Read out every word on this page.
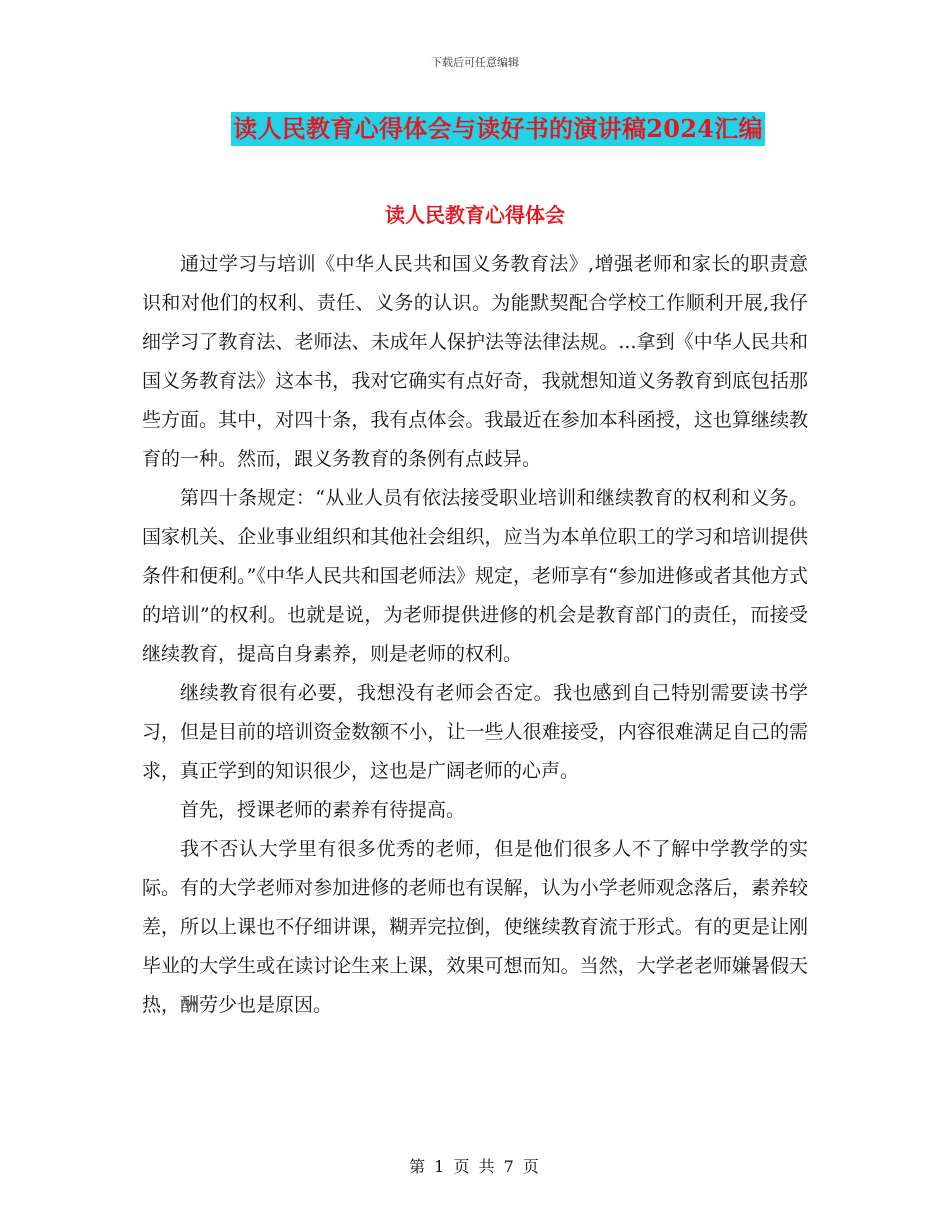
下载后可任意编辑
读人民教育心得体会与读好书的演讲稿2024汇编
读人民教育心得体会

通过学习与培训《中华人民共和国义务教育法》,增强老师和家长的职责意识和对他们的权利、责任、义务的认识。为能默契配合学校工作顺利开展,我仔细学习了教育法、老师法、未成年人保护法等法律法规。...拿到《中华人民共和国义务教育法》这本书，我对它确实有点好奇，我就想知道义务教育到底包括那些方面。其中，对四十条，我有点体会。我最近在参加本科函授，这也算继续教育的一种。然而，跟义务教育的条例有点歧异。

第四十条规定：“从业人员有依法接受职业培训和继续教育的权利和义务。国家机关、企业事业组织和其他社会组织，应当为本单位职工的学习和培训提供条件和便利。”《中华人民共和国老师法》规定，老师享有“参加进修或者其他方式的培训”的权利。也就是说，为老师提供进修的机会是教育部门的责任，而接受继续教育，提高自身素养，则是老师的权利。

继续教育很有必要，我想没有老师会否定。我也感到自己特别需要读书学习，但是目前的培训资金数额不小，让一些人很难接受，内容很难满足自己的需求，真正学到的知识很少，这也是广阔老师的心声。

首先，授课老师的素养有待提高。

我不否认大学里有很多优秀的老师，但是他们很多人不了解中学教学的实际。有的大学老师对参加进修的老师也有误解，认为小学老师观念落后，素养较差，所以上课也不仔细讲课，糊弄完拉倒，使继续教育流于形式。有的更是让刚毕业的大学生或在读讨论生来上课，效果可想而知。当然，大学老老师嫌暑假天热，酬劳少也是原因。

第 1 页 共 7 页
